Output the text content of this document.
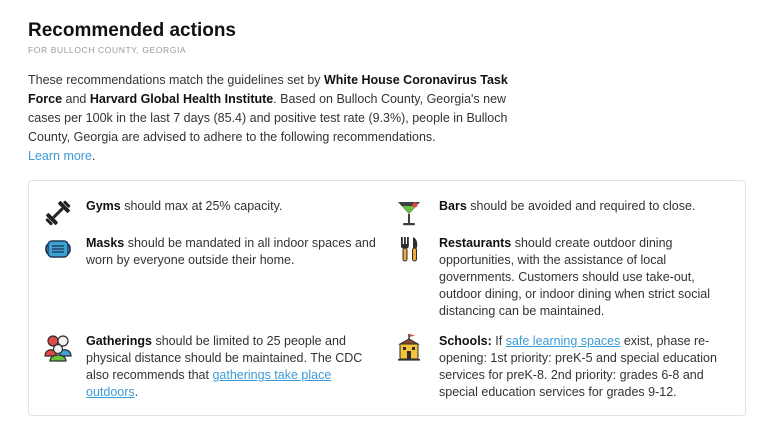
Recommended actions
FOR BULLOCH COUNTY, GEORGIA

These recommendations match the guidelines set by White House Coronavirus Task Force and Harvard Global Health Institute. Based on Bulloch County, Georgia's new cases per 100k in the last 7 days (85.4) and positive test rate (9.3%), people in Bulloch County, Georgia are advised to adhere to the following recommendations.
Learn more.

Gyms should max at 25% capacity.	Bars should be avoided and required to close.
Masks should be mandated in all indoor spaces and worn by everyone outside their home.
Restaurants should create outdoor dining opportunities, with the assistance of local governments. Customers should use take-out, outdoor dining, or indoor dining when strict social distancing can be maintained.
Gatherings should be limited to 25 people and physical distance should be maintained. The CDC also recommends that gatherings take place outdoors.
Schools: If safe learning spaces exist, phase re-opening: 1st priority: preK-5 and special education services for preK-8. 2nd priority: grades 6-8 and special education services for grades 9-12.
